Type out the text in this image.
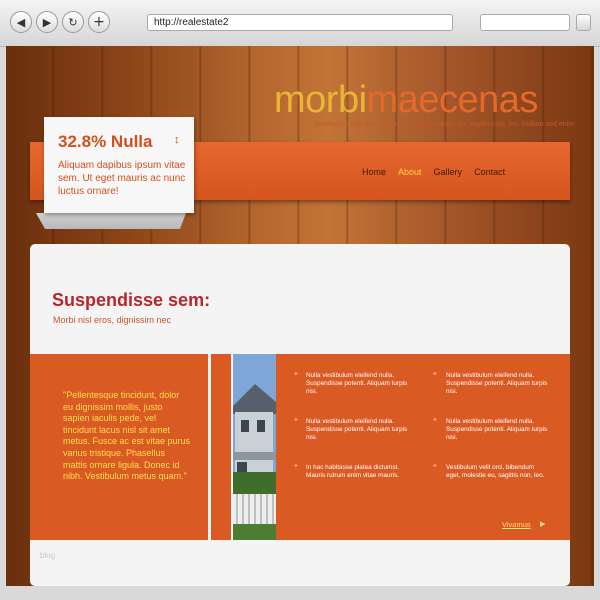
◀	▶	↻	+	http://realestate2
morbimaecenas
Vestibulum velit orci, bibendum eget, molestie eu, sagittis non, leo. Nullam sed enim
Home About Gallery Contact
32.8% Nulla ↕
Aliquam dapibus ipsum vitae sem. Ut eget mauris ac nunc luctus ornare!
Suspendisse sem:
Morbi nisl eros, dignissim nec
"Pellentesque tincidunt, dolor eu dignissim mollis, justo sapien iaculis pede, vel tincidunt lacus nisl sit amet metus. Fusce ac est vitae purus varius tristique. Phasellus mattis ornare ligula. Donec id nibh. Vestibulum metus quam."
✦ Nulla vestibulum eleifend nulla. Suspendisse potenti. Aliquam turpis nisi.
✦ Nulla vestibulum eleifend nulla. Suspendisse potenti. Aliquam turpis nisi.
✦ Nulla vestibulum eleifend nulla. Suspendisse potenti. Aliquam turpis nisi.
✦ Nulla vestibulum eleifend nulla. Suspendisse potenti. Aliquam turpis nisi.
✦ In hac habitasse platea dictumst. Mauris rutrum enim vitae mauris.
✦ Vestibulum velit orci, bibendum eget, molestie eu, sagittis non, leo.
Vivamus ▶
blog
